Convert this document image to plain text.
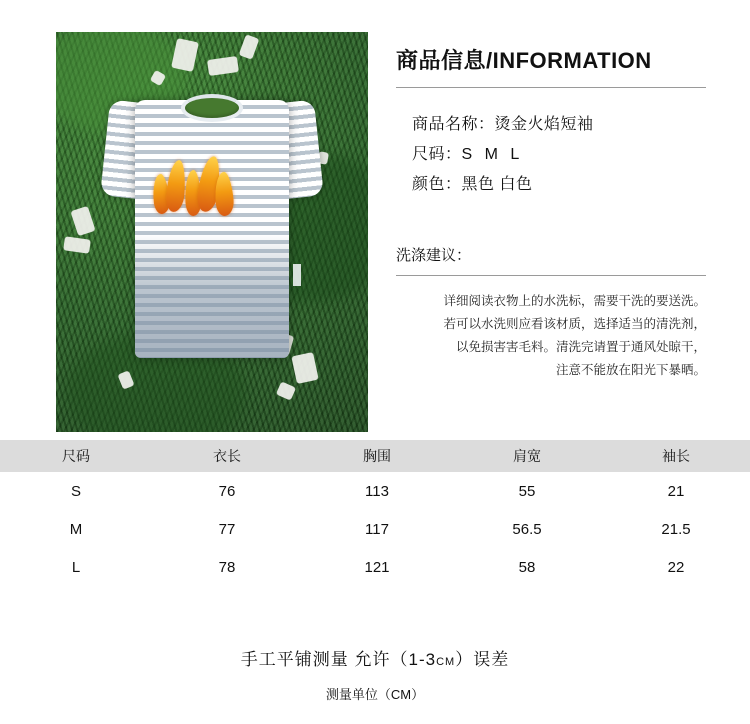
商品信息/INFORMATION
商品名称：烫金火焰短袖
尺码：S M L
颜色：黑色 白色
洗涤建议：
详细阅读衣物上的水洗标，需要干洗的要送洗。
若可以水洗则应看该材质，选择适当的清洗剂，
以免损害害毛料。清洗完请置于通风处晾干，
注意不能放在阳光下暴晒。
尺码	衣长	胸围	肩宽	袖长
S	76	113	55	21
M	77	117	56.5	21.5
L	78	121	58	22
手工平铺测量 允许（1-3CM）误差
测量单位（CM）
